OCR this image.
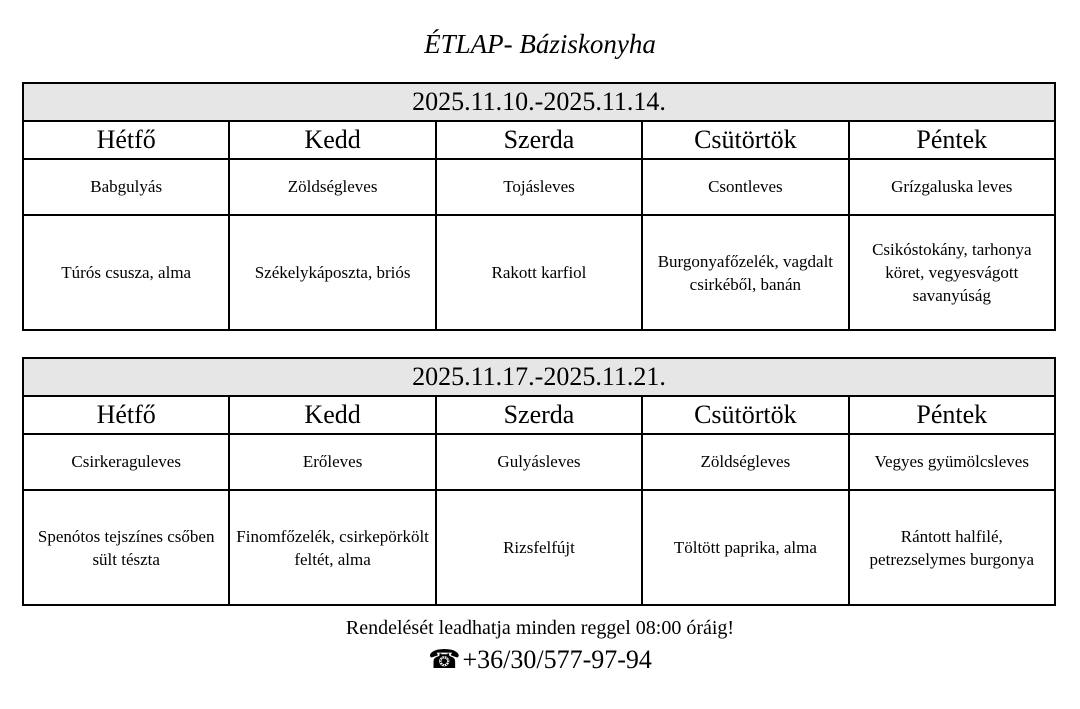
ÉTLAP- Báziskonyha
2025.11.10.-2025.11.14.				
Hétfő	Kedd	Szerda	Csütörtök	Péntek
Babgulyás	Zöldségleves	Tojásleves	Csontleves	Grízgaluska leves
Túrós csusza, alma	Székelykáposzta, briós	Rakott karfiol	Burgonyafőzelék, vagdalt csirkéből, banán	Csikóstokány, tarhonya köret, vegyesvágott savanyúság
2025.11.17.-2025.11.21.				
Hétfő	Kedd	Szerda	Csütörtök	Péntek
Csirkeraguleves	Erőleves	Gulyásleves	Zöldségleves	Vegyes gyümölcsleves
Spenótos tejszínes csőben sült tészta	Finomfőzelék, csirkepörkölt feltét, alma	Rizsfelfújt	Töltött paprika, alma	Rántott halfilé, petrezselymes burgonya
Rendelését leadhatja minden reggel 08:00 óráig!
☎+36/30/577-97-94
